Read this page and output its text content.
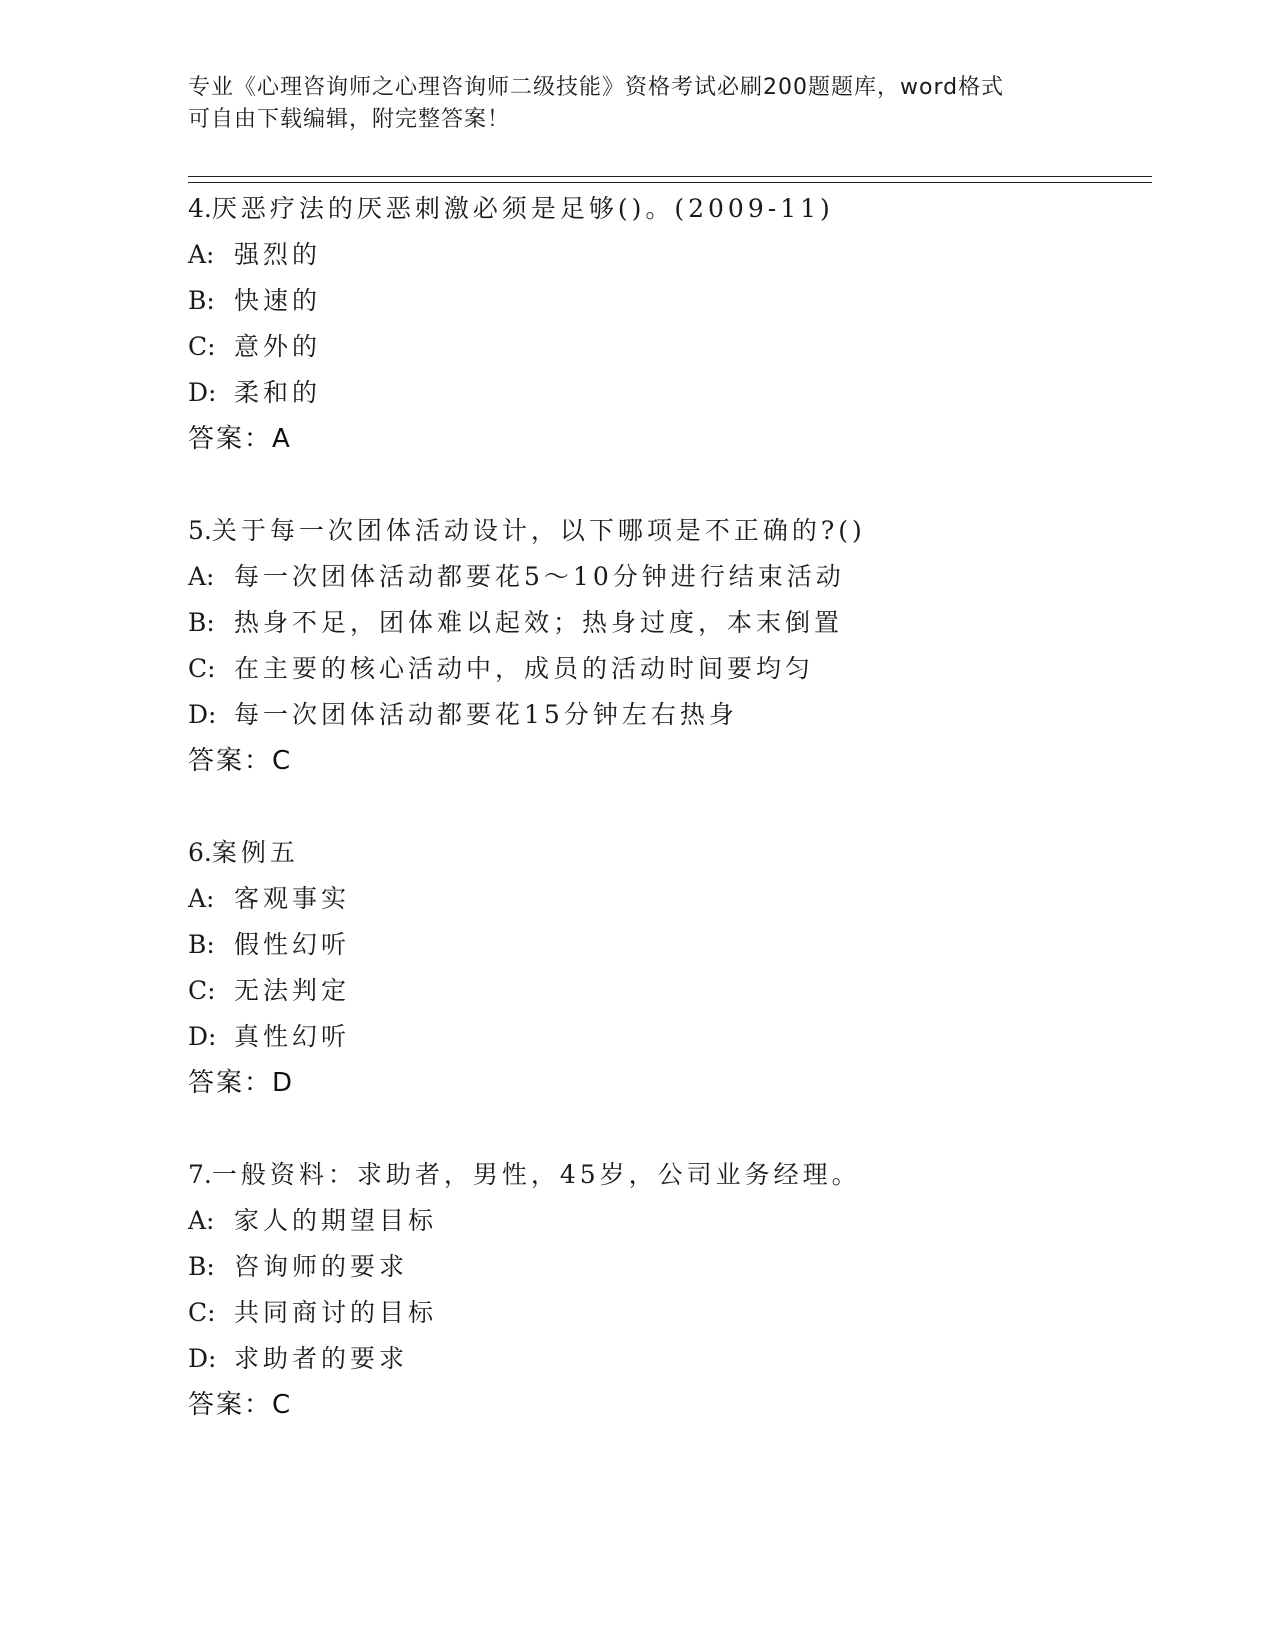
专业《心理咨询师之心理咨询师二级技能》资格考试必刷200题题库，word格式
可自由下载编辑，附完整答案！
4.厌恶疗法的厌恶刺激必须是足够()。(2009-11)
A: 强烈的
B: 快速的
C: 意外的
D: 柔和的
答案：A
5.关于每一次团体活动设计，以下哪项是不正确的?()
A: 每一次团体活动都要花5～10分钟进行结束活动
B: 热身不足，团体难以起效；热身过度，本末倒置
C: 在主要的核心活动中，成员的活动时间要均匀
D: 每一次团体活动都要花15分钟左右热身
答案：C
6.案例五
A: 客观事实
B: 假性幻听
C: 无法判定
D: 真性幻听
答案：D
7.一般资料：求助者，男性，45岁，公司业务经理。
A: 家人的期望目标
B: 咨询师的要求
C: 共同商讨的目标
D: 求助者的要求
答案：C
